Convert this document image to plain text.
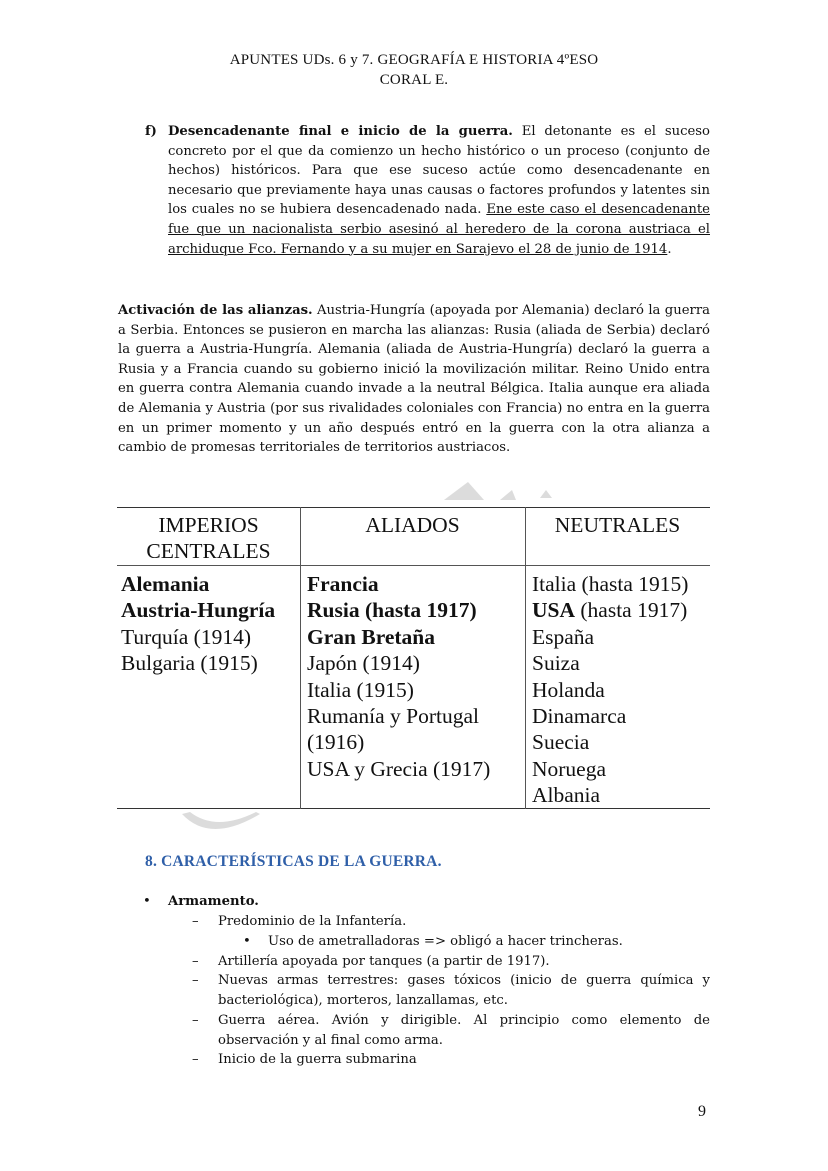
APUNTES UDs. 6 y 7. GEOGRAFÍA E HISTORIA 4ºESO
CORAL E.
f) Desencadenante final e inicio de la guerra. El detonante es el suceso concreto por el que da comienzo un hecho histórico o un proceso (conjunto de hechos) históricos. Para que ese suceso actúe como desencadenante en necesario que previamente haya unas causas o factores profundos y latentes sin los cuales no se hubiera desencadenado nada. Ene este caso el desencadenante fue que un nacionalista serbio asesinó al heredero de la corona austriaca el archiduque Fco. Fernando y a su mujer en Sarajevo el 28 de junio de 1914.
Activación de las alianzas. Austria-Hungría (apoyada por Alemania) declaró la guerra a Serbia. Entonces se pusieron en marcha las alianzas: Rusia (aliada de Serbia) declaró la guerra a Austria-Hungría. Alemania (aliada de Austria-Hungría) declaró la guerra a Rusia y a Francia cuando su gobierno inició la movilización militar. Reino Unido entra en guerra contra Alemania cuando invade a la neutral Bélgica. Italia aunque era aliada de Alemania y Austria (por sus rivalidades coloniales con Francia) no entra en la guerra en un primer momento y un año después entró en la guerra con la otra alianza a cambio de promesas territoriales de territorios austriacos.
IMPERIOS
CENTRALES
ALIADOS	NEUTRALES
Alemania
Austria-Hungría
Turquía (1914)
Bulgaria (1915)
Francia
Rusia (hasta 1917)
Gran Bretaña
Japón (1914)
Italia (1915)
Rumanía y Portugal
(1916)
USA y Grecia (1917)
Italia (hasta 1915)
USA (hasta 1917)
España
Suiza
Holanda
Dinamarca
Suecia
Noruega
Albania
8. CARACTERÍSTICAS DE LA GUERRA.
• Armamento.
– Predominio de la Infantería.
• Uso de ametralladoras => obligó a hacer trincheras.
– Artillería apoyada por tanques (a partir de 1917).
– Nuevas armas terrestres: gases tóxicos (inicio de guerra química y bacteriológica), morteros, lanzallamas, etc.
– Guerra aérea. Avión y dirigible. Al principio como elemento de observación y al final como arma.
– Inicio de la guerra submarina
9
